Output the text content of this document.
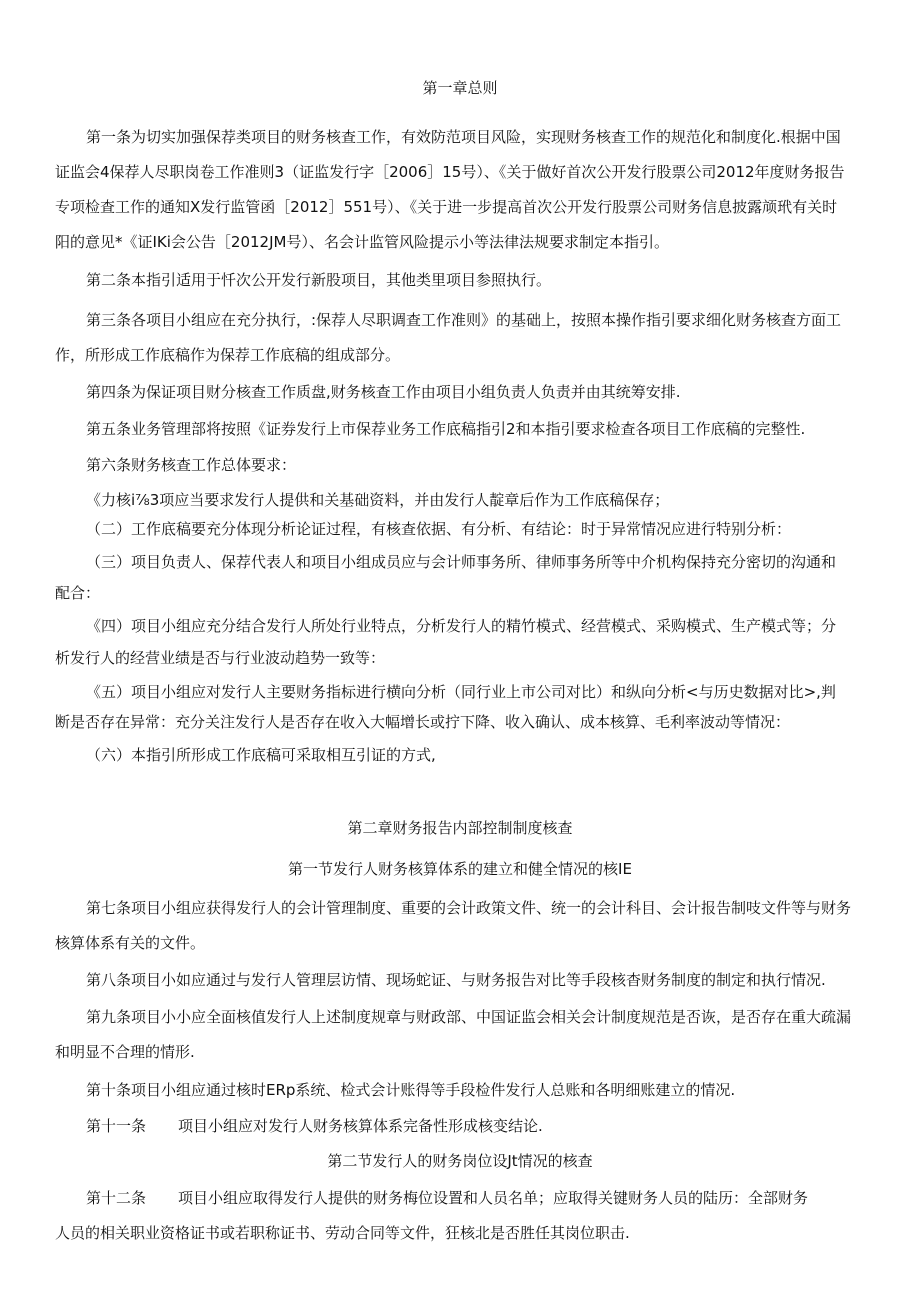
第一章总则
第一条为切实加强保荐类项目的财务核查工作，有效防范项目风险，实现财务核查工作的规范化和制度化.根据中国
证监会4保荐人尽职岗卷工作准则3（证监发行字［2006］15号）、《关于做好首次公开发行股票公司2012年度财务报告
专项检查工作的通知X发行监管函［2012］551号）、《关于进一步提高首次公开发行股票公司财务信息披露颃玳有关时
阳的意见*《证IKi会公告［2012JM号）、名会计监管风险提示小等法律法规要求制定本指引。
第二条本指引适用于忏次公开发行新股项目，其他类里项目参照执行。
第三条各项目小组应在充分执行，:保荐人尽职调查工作准则》的基础上，按照本操作指引要求细化财务核查方面工
作，所形成工作底稿作为保荐工作底稿的组成部分。
第四条为保证项目财分核查工作质盘,财务核查工作由项目小组负责人负责并由其统筹安排.
第五条业务管理部将按照《证券发行上市保荐业务工作底稿指引2和本指引要求检查各项目工作底稿的完整性.
第六条财务核查工作总体要求：
《力核i⅞3项应当要求发行人提供和关基础资料，并由发行人靛章后作为工作底稿保存；
（二）工作底稿要充分体现分析论证过程，有核查依据、有分析、有结论：时于异常情况应进行特别分析：
（三）项目负责人、保荐代表人和项目小组成员应与会计师事务所、律师事务所等中介机构保持充分密切的沟通和
配合：
《四）项目小组应充分结合发行人所处行业特点，分析发行人的精竹模式、经营模式、采购模式、生产模式等；分
析发行人的经营业绩是否与行业波动趋势一致等：
《五）项目小组应对发行人主要财务指标进行横向分析（同行业上市公司对比）和纵向分析<与历史数据对比>,判
断是否存在异常：充分关注发行人是否存在收入大幅增长或拧下降、收入确认、成本核算、毛利率波动等情况：
（六）本指引所形成工作底稿可采取相互引证的方式,
第二章财务报告内部控制制度核查
第一节发行人财务核算体系的建立和健全情况的核IE
第七条项目小组应获得发行人的会计管理制度、重要的会计政策文件、统一的会计科目、会计报告制吱文件等与财务
核算体系有关的文件。
第八条项目小如应通过与发行人管理层访情、现场蛇证、与财务报告对比等手段核杳财务制度的制定和执行情况.
第九条项目小小应全面核值发行人上述制度规章与财政部、中国证监会相关会计制度规范是否诙，是否存在重大疏漏
和明显不合理的情形.
第十条项目小组应通过核时ERp系统、检式会计账得等手段检件发行人总账和各明细账建立的情况.
第十一条 项目小组应对发行人财务核算体系完备性形成核变结论.
第二节发行人的财务岗位设Jt情况的核查
第十二条 项目小组应取得发行人提供的财务梅位设置和人员名单；应取得关键财务人员的陆历：全部财务
人员的相关职业资格证书或若职称证书、劳动合同等文件，狂核北是否胜任其岗位职击.
